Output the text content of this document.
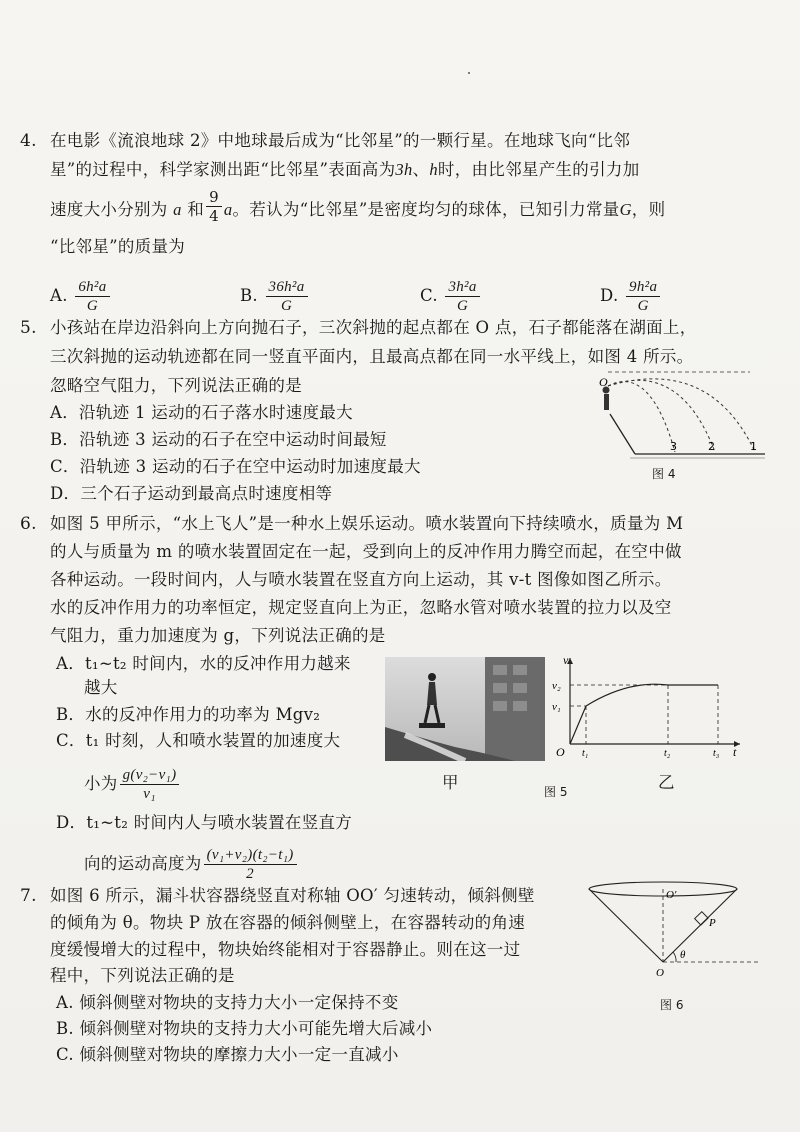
4. 在电影《流浪地球 2》中地球最后成为“比邻星”的一颗行星。在地球飞向“比邻
星”的过程中，科学家测出距“比邻星”表面高为3h、h时，由比邻星产生的引力加
速度大小分别为 a 和 $\frac{9}{4}$ a。若认为“比邻星”是密度均匀的球体，已知引力常量G，则
“比邻星”的质量为
A. $\frac{\text{6h²a}}{G}$	B. $\frac{\text{36h²a}}{G}$	C. $\frac{\text{3h²a}}{G}$	D. $\frac{\text{9h²a}}{G}$
5. 小孩站在岸边沿斜向上方向抛石子，三次斜抛的起点都在 O 点，石子都能落在湖面上，
三次斜抛的运动轨迹都在同一竖直平面内，且最高点都在同一水平线上，如图 4 所示。
忽略空气阻力，下列说法正确的是
A．沿轨迹 1 运动的石子落水时速度最大
B．沿轨迹 3 运动的石子在空中运动时间最短
C．沿轨迹 3 运动的石子在空中运动时加速度最大
D．三个石子运动到最高点时速度相等
O
3	2	1
图 4
6. 如图 5 甲所示，“水上飞人”是一种水上娱乐运动。喷水装置向下持续喷水，质量为 M
的人与质量为 m 的喷水装置固定在一起，受到向上的反冲作用力腾空而起，在空中做
各种运动。一段时间内，人与喷水装置在竖直方向上运动，其 v-t 图像如图乙所示。
水的反冲作用力的功率恒定，规定竖直向上为正，忽略水管对喷水装置的拉力以及空
气阻力，重力加速度为 g，下列说法正确的是
A．t₁~t₂ 时间内，水的反冲作用力越来
越大
B．水的反冲作用力的功率为 Mgv₂
C．t₁ 时刻，人和喷水装置的加速度大
小为 $\frac{\text{g(v₂−v₁)}}{\text{v₁}}$
D．t₁~t₂ 时间内人与喷水装置在竖直方
向的运动高度为 $\frac{\text{(v₁+v₂)(t₂−t₁)}}{2}$
甲
v
t
O
v₂
v₁
t₁	t₂	t₃
乙
图 5
7. 如图 6 所示，漏斗状容器绕竖直对称轴 OO′ 匀速转动，倾斜侧壁
的倾角为 θ。物块 P 放在容器的倾斜侧壁上，在容器转动的角速
度缓慢增大的过程中，物块始终能相对于容器静止。则在这一过
程中，下列说法正确的是
A. 倾斜侧壁对物块的支持力大小一定保持不变
B. 倾斜侧壁对物块的支持力大小可能先增大后减小
C. 倾斜侧壁对物块的摩擦力大小一定一直减小
O′
O
P
θ
图 6
